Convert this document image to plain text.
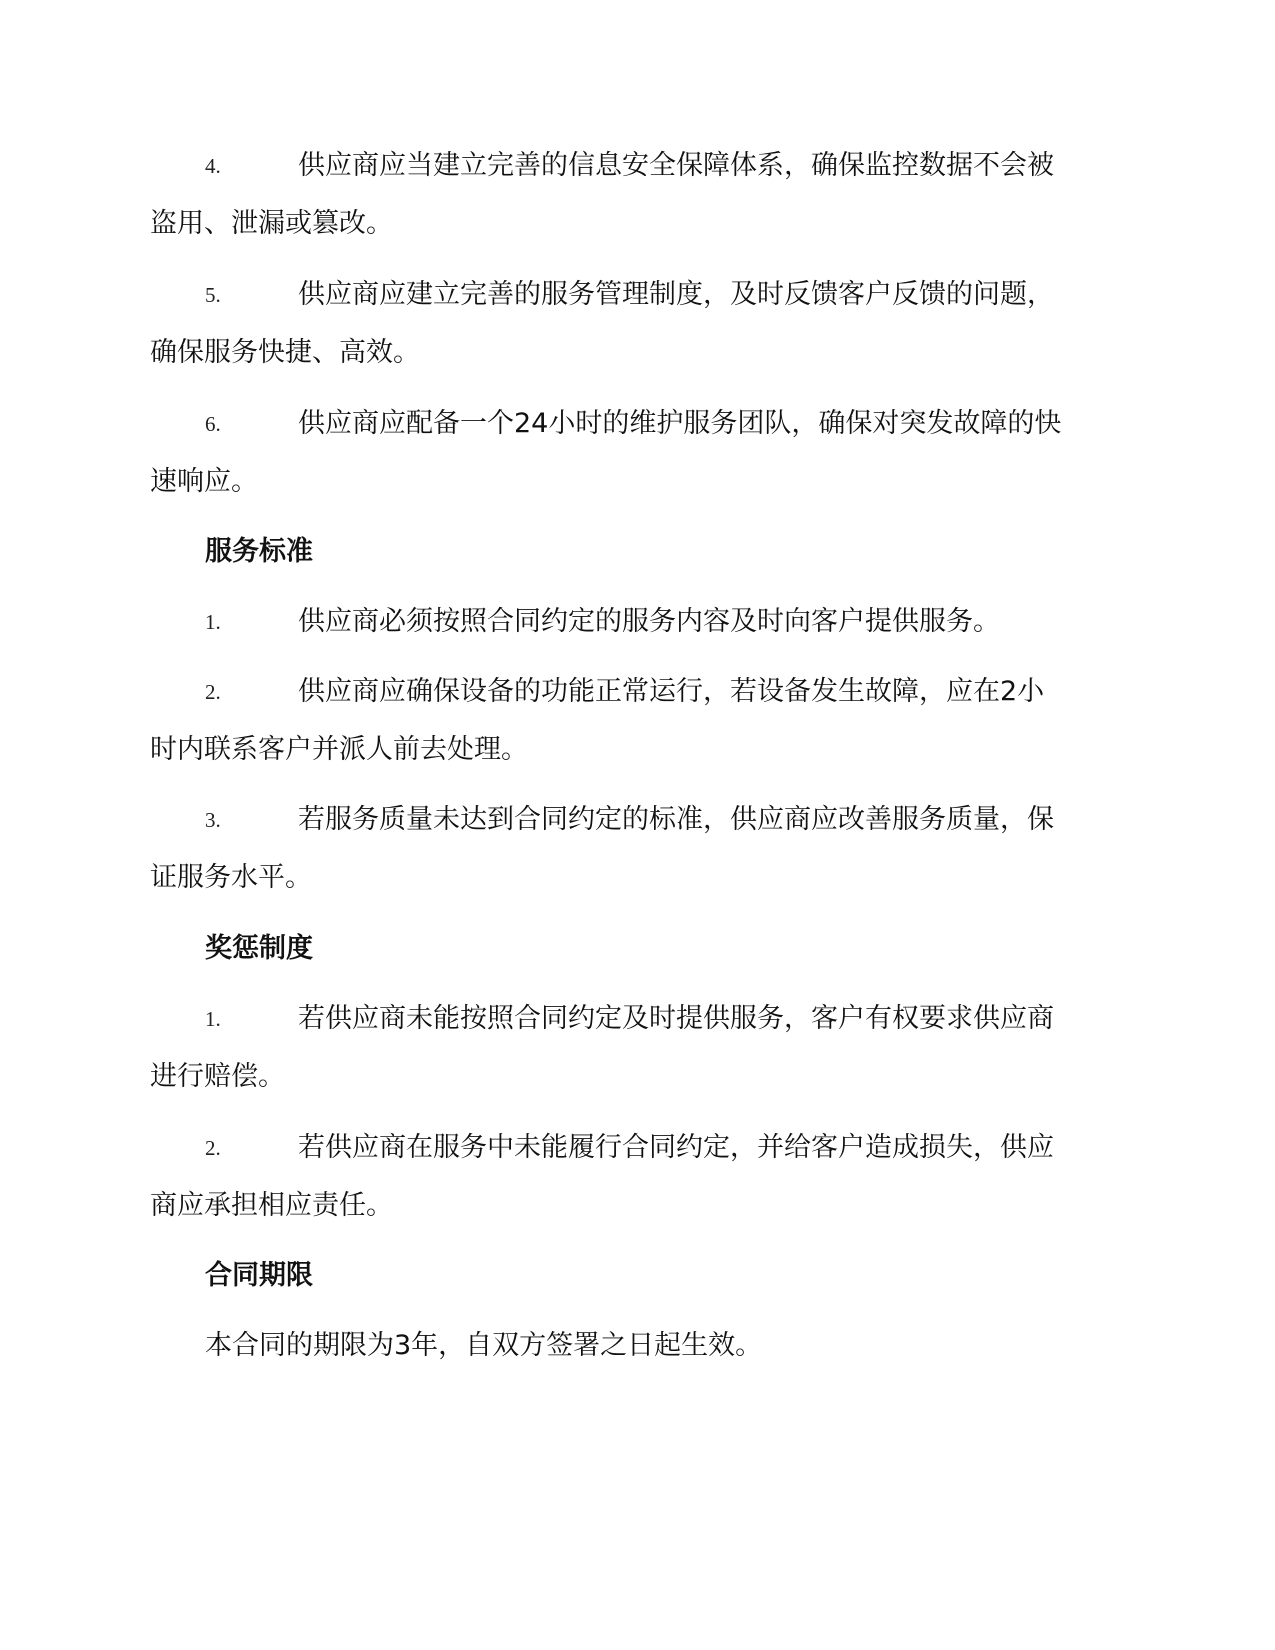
4.	供应商应当建立完善的信息安全保障体系，确保监控数据不会被
盗用、泄漏或篡改。
5.	供应商应建立完善的服务管理制度，及时反馈客户反馈的问题，
确保服务快捷、高效。
6.	供应商应配备一个24小时的维护服务团队，确保对突发故障的快
速响应。
服务标准
1.	供应商必须按照合同约定的服务内容及时向客户提供服务。
2.	供应商应确保设备的功能正常运行，若设备发生故障，应在2小
时内联系客户并派人前去处理。
3.	若服务质量未达到合同约定的标准，供应商应改善服务质量，保
证服务水平。
奖惩制度
1.	若供应商未能按照合同约定及时提供服务，客户有权要求供应商
进行赔偿。
2.	若供应商在服务中未能履行合同约定，并给客户造成损失，供应
商应承担相应责任。
合同期限
本合同的期限为3年，自双方签署之日起生效。
